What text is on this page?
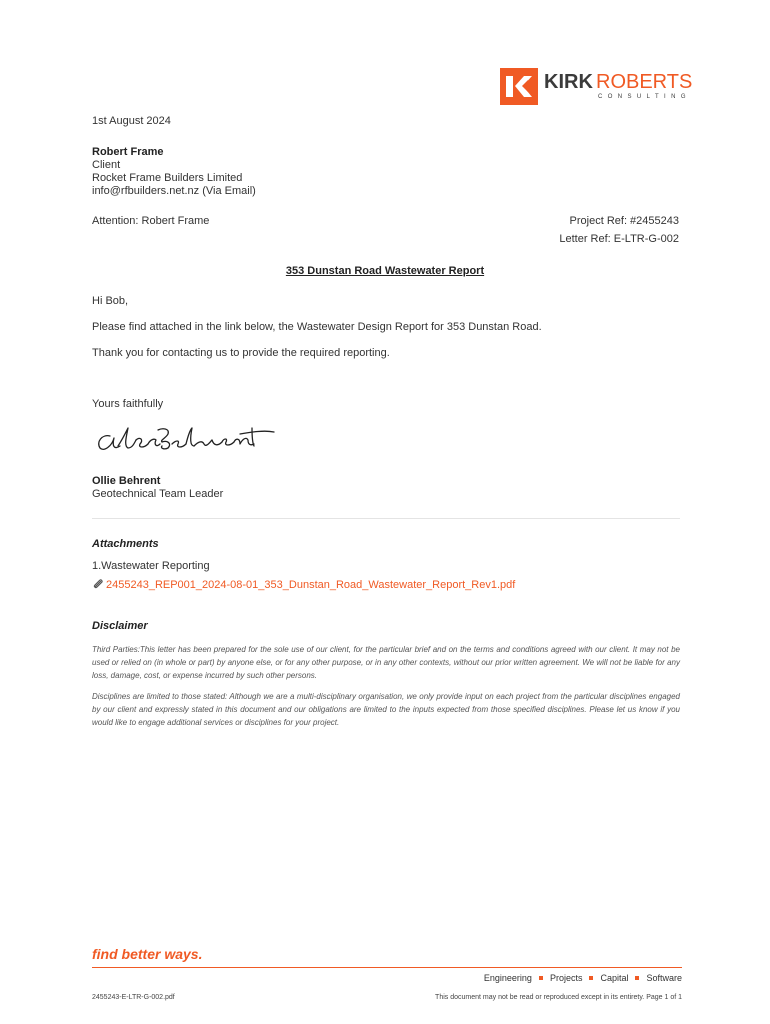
KIRK ROBERTS
CONSULTING
1st August 2024
Robert Frame
Client
Rocket Frame Builders Limited
info@rfbuilders.net.nz (Via Email)
Attention: Robert Frame	Project Ref: #2455243
Letter Ref: E-LTR-G-002
353 Dunstan Road Wastewater Report
Hi Bob,
Please find attached in the link below, the Wastewater Design Report for 353 Dunstan Road.
Thank you for contacting us to provide the required reporting.
Yours faithfully
Ollie Behrent
Geotechnical Team Leader
Attachments
1.Wastewater Reporting
2455243_REP001_2024-08-01_353_Dunstan_Road_Wastewater_Report_Rev1.pdf
Disclaimer
Third Parties:This letter has been prepared for the sole use of our client, for the particular brief and on the terms and conditions agreed with our client. It may not be used or relied on (in whole or part) by anyone else, or for any other purpose, or in any other contexts, without our prior written agreement. We will not be liable for any loss, damage, cost, or expense incurred by such other persons.
Disciplines are limited to those stated: Although we are a multi-disciplinary organisation, we only provide input on each project from the particular disciplines engaged by our client and expressly stated in this document and our obligations are limited to the inputs expected from those specified disciplines. Please let us know if you would like to engage additional services or disciplines for your project.
find better ways.
Engineering Projects Capital Software
2455243-E-LTR-G-002.pdf	This document may not be read or reproduced except in its entirety. Page 1 of 1
